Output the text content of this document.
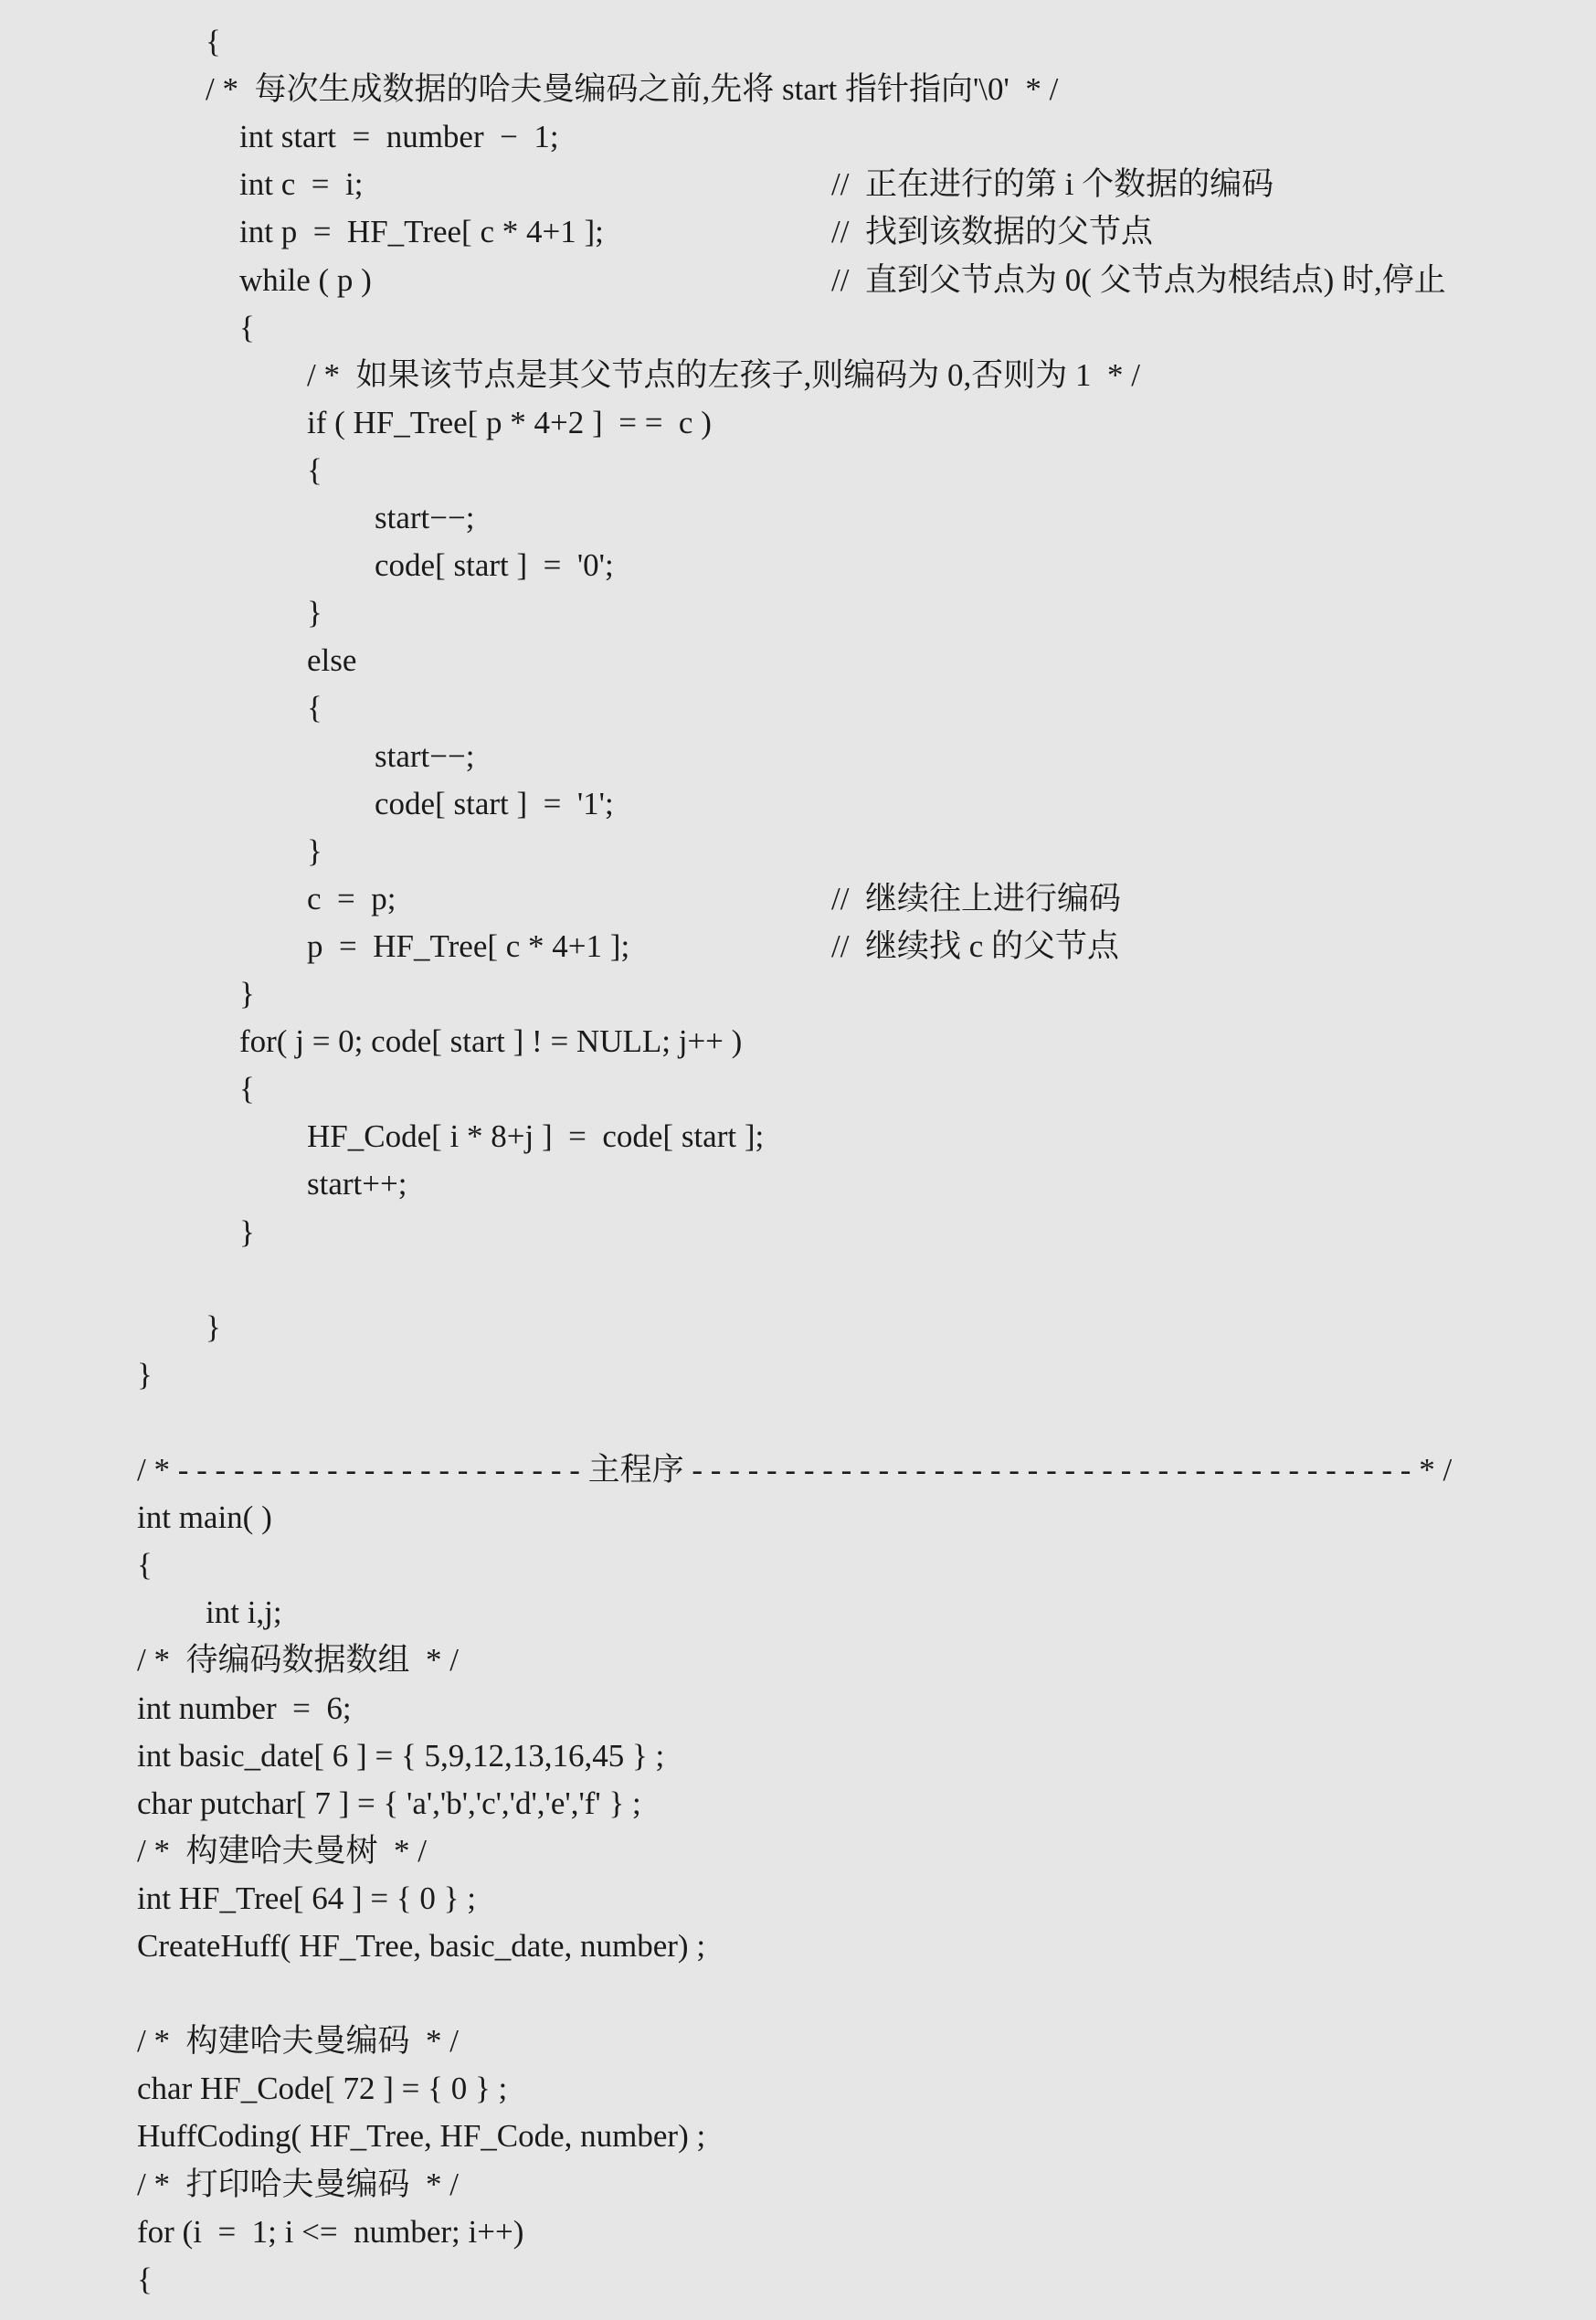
{
/ *  每次生成数据的哈夫曼编码之前,先将 start 指针指向'\0'  * /
int start  =  number  −  1;
int c  =  i;	//  正在进行的第 i 个数据的编码
int p  =  HF_Tree[ c * 4+1 ];	//  找到该数据的父节点
while ( p )	//  直到父节点为 0( 父节点为根结点) 时,停止
{
/ *  如果该节点是其父节点的左孩子,则编码为 0,否则为 1  * /
if ( HF_Tree[ p * 4+2 ]  = =  c )
{
start−−;
code[ start ]  =  '0';
}
else
{
start−−;
code[ start ]  =  '1';
}
c  =  p;	//  继续往上进行编码
p  =  HF_Tree[ c * 4+1 ];	//  继续找 c 的父节点
}
for( j = 0; code[ start ] ! = NULL; j++ )
{
HF_Code[ i * 8+j ]  =  code[ start ];
start++;
}
}
}
/ * - - - - - - - - - - - - - - - - - - - - - - 主程序 - - - - - - - - - - - - - - - - - - - - - - - - - - - - - - - - - - - - - - - * /
int main( )
{
int i,j;
/ *  待编码数据数组  * /
int number  =  6;
int basic_date[ 6 ] = { 5,9,12,13,16,45 } ;
char putchar[ 7 ] = { 'a','b','c','d','e','f' } ;
/ *  构建哈夫曼树  * /
int HF_Tree[ 64 ] = { 0 } ;
CreateHuff( HF_Tree, basic_date, number) ;
/ *  构建哈夫曼编码  * /
char HF_Code[ 72 ] = { 0 } ;
HuffCoding( HF_Tree, HF_Code, number) ;
/ *  打印哈夫曼编码  * /
for (i  =  1; i <=  number; i++)
{
